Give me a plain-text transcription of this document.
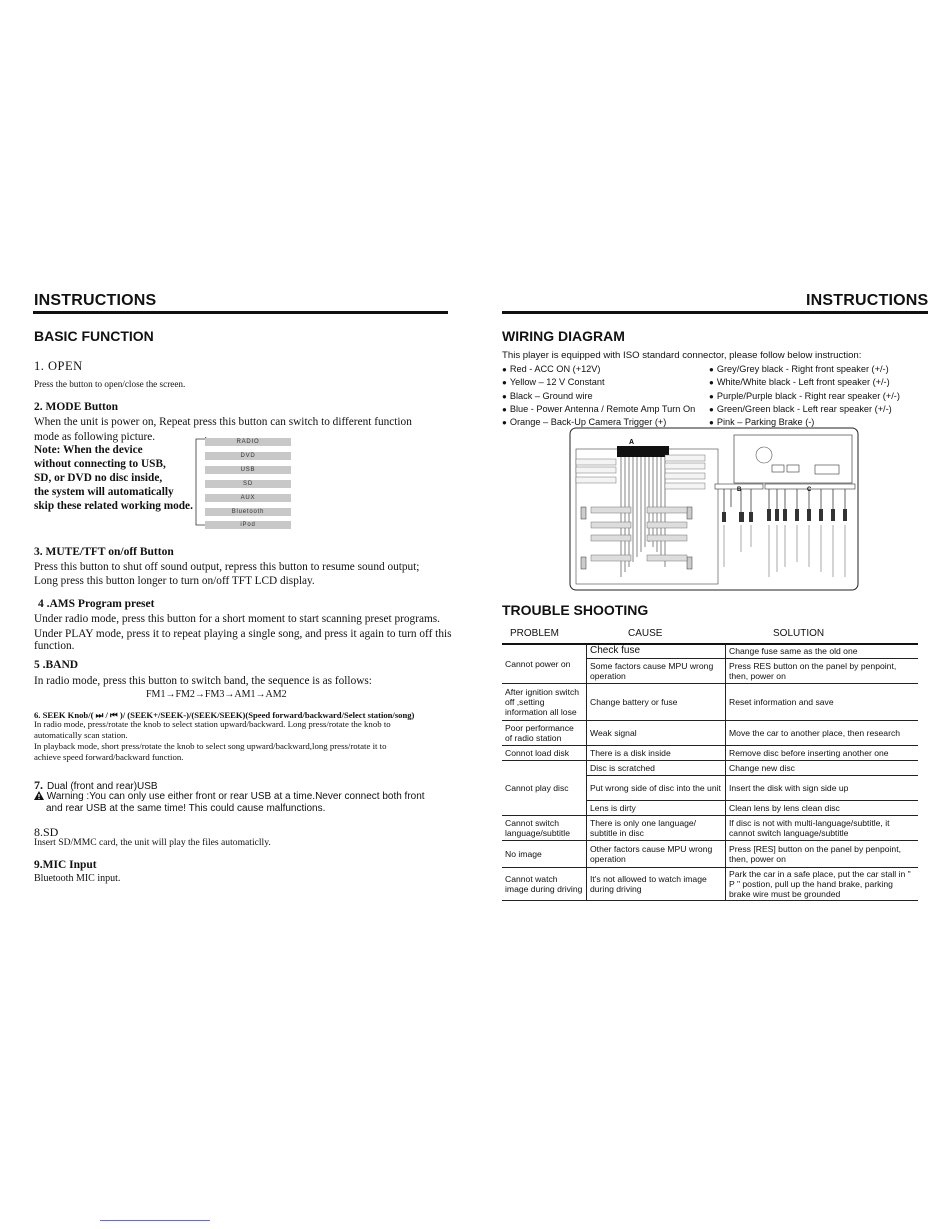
INSTRUCTIONS
BASIC FUNCTION
1. OPEN
Press the button to open/close the screen.
2. MODE Button
When the unit is power on, Repeat press this button can switch to different function
mode as following picture.
Note: When the device
without connecting to USB,
SD, or DVD no disc inside,
the system will automatically
skip these related working mode.
RADIO
DVD
USB
SD
AUX
Bluetooth
iPod
3. MUTE/TFT on/off Button
Press this button to shut off sound output, repress this button to resume sound output;
Long press this button longer to turn on/off TFT LCD display.
4 .AMS Program preset
Under radio mode, press this button for a short moment to start scanning preset programs.
Under PLAY mode, press it to repeat playing a single song, and press it again to turn off this
function.
5 .BAND
In radio mode, press this button to switch band, the sequence is as follows:
FM1→FM2→FM3→AM1→AM2
6. SEEK Knob/( ⏭ / ⏮ )/ (SEEK+/SEEK-)/(SEEK/SEEK)(Speed forward/backward/Select station/song)
In radio mode, press/rotate the knob to select station upward/backward. Long press/rotate the knob to
automatically scan station.
In playback mode, short press/rotate the knob to select song upward/backward,long press/rotate it to
achieve speed forward/backward function.
7. Dual (front and rear)USB
Warning :You can only use either front or rear USB at a time.Never connect both front
and rear USB at the same time! This could cause malfunctions.
8.SD
Insert SD/MMC card, the unit will play the files automaticlly.
9.MIC Input
Bluetooth MIC input.
INSTRUCTIONS
WIRING DIAGRAM
This player is equipped with ISO standard connector, please follow below instruction:
● Red - ACC ON (+12V)
● Yellow – 12 V Constant
● Black – Ground wire
● Blue - Power Antenna / Remote Amp Turn On
● Orange – Back-Up Camera Trigger (+)
● Grey/Grey black - Right front speaker (+/-)
● White/White black - Left front speaker (+/-)
● Purple/Purple black - Right rear speaker (+/-)
● Green/Green black - Left rear speaker (+/-)
● Pink – Parking Brake (-)
A
B	C
TROUBLE SHOOTING
PROBLEM	CAUSE	SOLUTION
Cannot power on	Check fuse	Change fuse same as the old one
	Some factors cause MPU wrong operation	Press RES button on the panel by penpoint, then, power on
After ignition switch off ,setting information all lose	Change battery or fuse	Reset information and save
Poor performance of radio station	Weak signal	Move the car to another place, then research
Connot load disk	There is a disk inside	Remove disc before inserting another one
Cannot play disc	Disc is scratched	Change new disc
	Put wrong side of disc into the unit	Insert the disk with sign side up
	Lens is dirty	Clean lens by lens clean disc
Cannot switch language/subtitle	There is only one language/ subtitle in disc	If disc is not with multi-language/subtitle, it cannot switch language/subtitle
No image	Other factors cause MPU wrong operation	Press [RES] button on the panel by penpoint, then, power on
Cannot watch image during driving	It's not allowed to watch image during driving	Park the car in a safe place, put the car stall in " P " postion, pull up the hand brake, parking brake wire must be grounded
